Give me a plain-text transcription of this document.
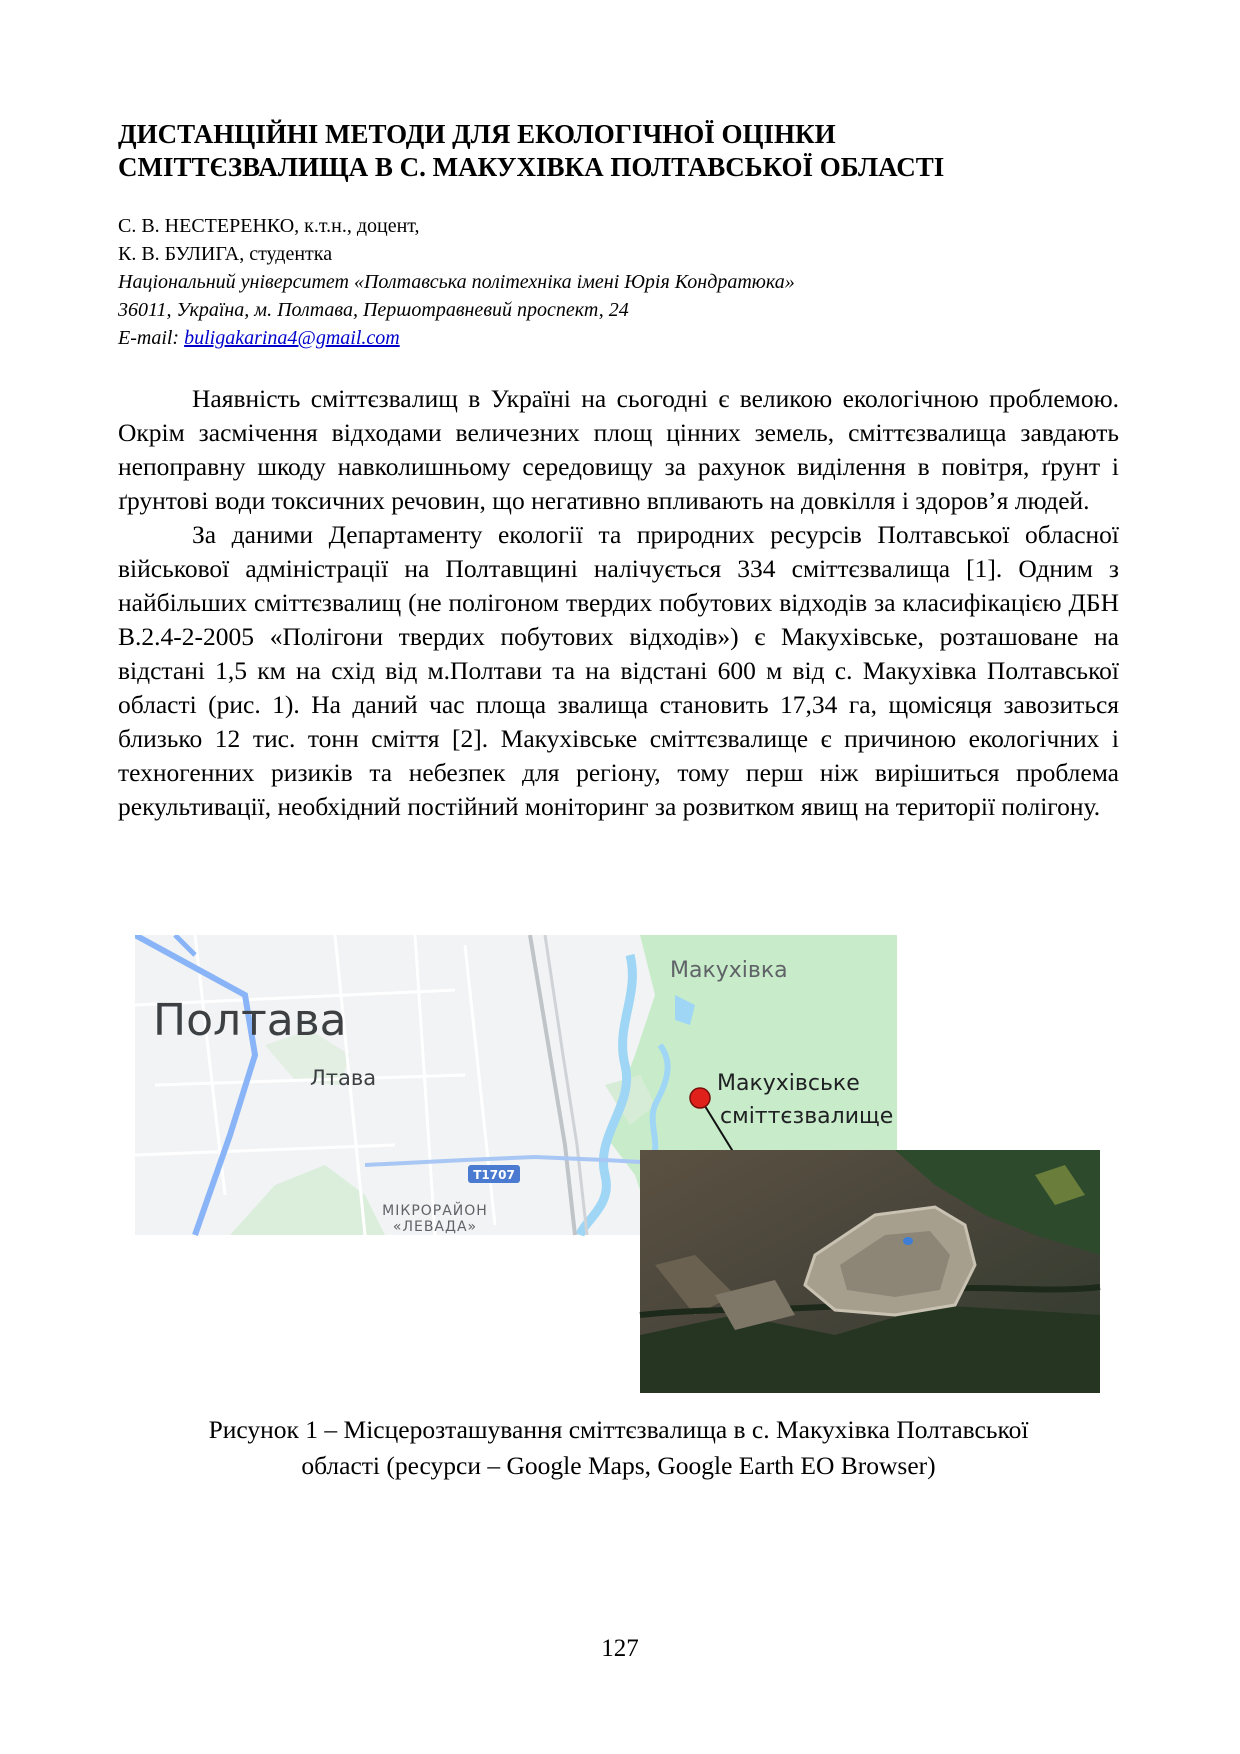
ДИСТАНЦІЙНІ МЕТОДИ ДЛЯ ЕКОЛОГІЧНОЇ ОЦІНКИ
СМІТТЄЗВАЛИЩА В С. МАКУХІВКА ПОЛТАВСЬКОЇ ОБЛАСТІ
С. В. НЕСТЕРЕНКО, к.т.н., доцент,
К. В. БУЛИГА, студентка
Національний університет «Полтавська політехніка імені Юрія Кондратюка»
36011, Україна, м. Полтава, Першотравневий проспект, 24
E-mail: buligakarina4@gmail.com

Наявність сміттєзвалищ в Україні на сьогодні є великою екологічною проблемою. Окрім засмічення відходами величезних площ цінних земель, сміттєзвалища завдають непоправну шкоду навколишньому середовищу за рахунок виділення в повітря, ґрунт і ґрунтові води токсичних речовин, що негативно впливають на довкілля і здоров’я людей.

За даними Департаменту екології та природних ресурсів Полтавської обласної військової адміністрації на Полтавщині налічується 334 сміттєзвалища [1]. Одним з найбільших сміттєзвалищ (не полігоном твердих побутових відходів за класифікацією ДБН В.2.4-2-2005 «Полігони твердих побутових відходів») є Макухівське, розташоване на відстані 1,5 км на схід від м.Полтави та на відстані 600 м від с. Макухівка Полтавської області (рис. 1). На даний час площа звалища становить 17,34 га, щомісяця завозиться близько 12 тис. тонн сміття [2]. Макухівське сміттєзвалище є причиною екологічних і техногенних ризиків та небезпек для регіону, тому перш ніж вирішиться проблема рекультивації, необхідний постійний моніторинг за розвитком явищ на території полігону.

T1707
Полтава
Лтава
Макухівка
МІКРОРАЙОН
«ЛЕВАДА»
Макухівське
сміттєзвалище
Рисунок 1 – Місцерозташування сміттєзвалища в с. Макухівка Полтавської
області (ресурси – Google Maps, Google Earth EO Browser)
127
